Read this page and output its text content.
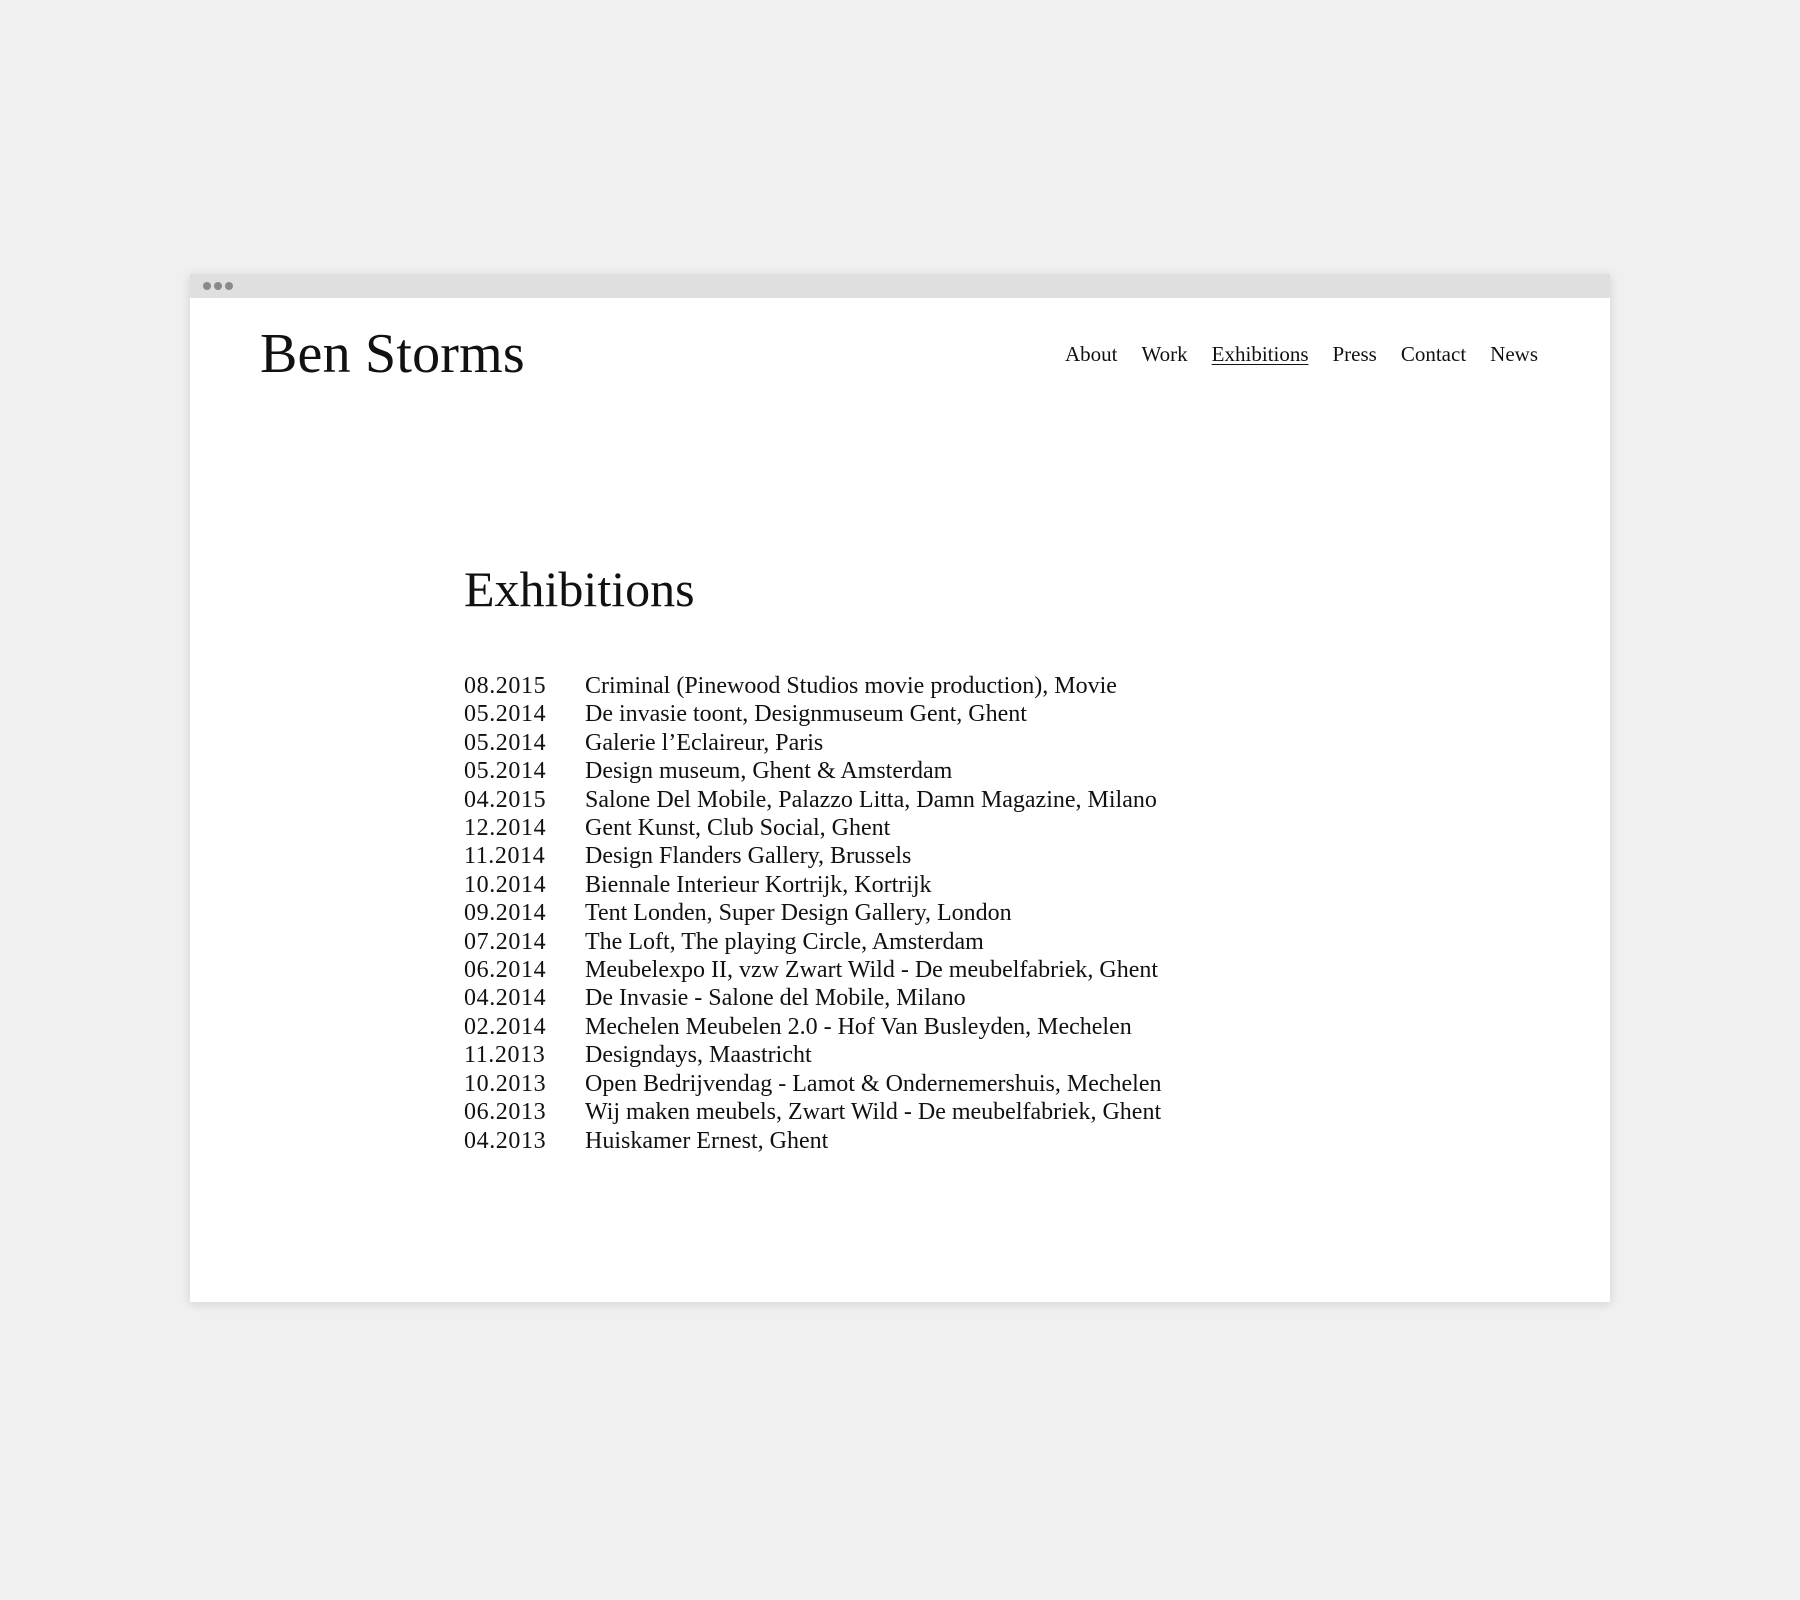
Ben Storms	About Work Exhibitions Press Contact News
Exhibitions
08.2015	Criminal (Pinewood Studios movie production), Movie
05.2014	De invasie toont, Designmuseum Gent, Ghent
05.2014	Galerie l’Eclaireur, Paris
05.2014	Design museum, Ghent & Amsterdam
04.2015	Salone Del Mobile, Palazzo Litta, Damn Magazine, Milano
12.2014	Gent Kunst, Club Social, Ghent
11.2014	Design Flanders Gallery, Brussels
10.2014	Biennale Interieur Kortrijk, Kortrijk
09.2014	Tent Londen, Super Design Gallery, London
07.2014	The Loft, The playing Circle, Amsterdam
06.2014	Meubelexpo II, vzw Zwart Wild - De meubelfabriek, Ghent
04.2014	De Invasie - Salone del Mobile, Milano
02.2014	Mechelen Meubelen 2.0 - Hof Van Busleyden, Mechelen
11.2013	Designdays, Maastricht
10.2013	Open Bedrijvendag - Lamot & Ondernemershuis, Mechelen
06.2013	Wij maken meubels, Zwart Wild - De meubelfabriek, Ghent
04.2013	Huiskamer Ernest, Ghent
